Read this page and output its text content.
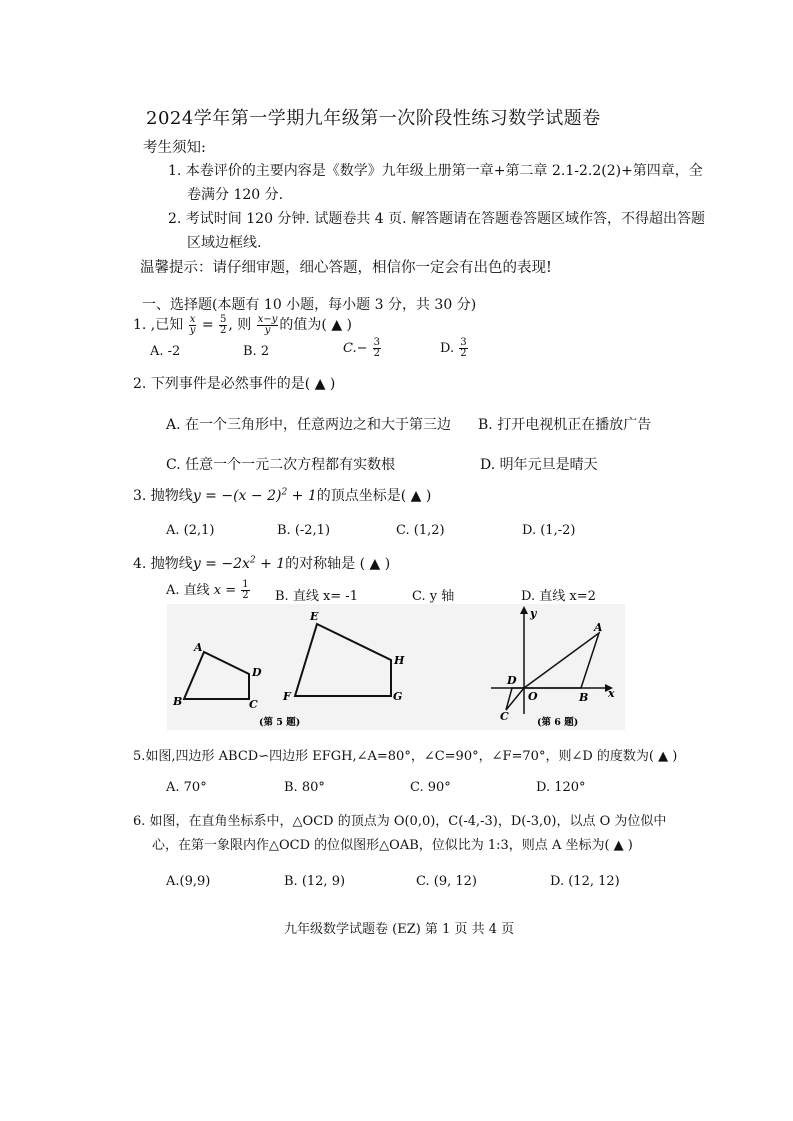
2024学年第一学期九年级第一次阶段性练习数学试题卷
考生须知:
1. 本卷评价的主要内容是《数学》九年级上册第一章+第二章 2.1-2.2(2)+第四章，全
卷满分 120 分.
2. 考试时间 120 分钟. 试题卷共 4 页. 解答题请在答题卷答题区域作答，不得超出答题
区域边框线.
温馨提示：请仔细审题，细心答题，相信你一定会有出色的表现!
一、选择题(本题有 10 小题，每小题 3 分，共 30 分)
1. ,已知 $\frac{x}{y} = \frac{5}{2}$ , 则 $\frac{x-y}{y}$ 的值为( ▲ )
A. -2	B. 2	$C.- \frac{3}{2}$	D. $\frac{3}{2}$
2. 下列事件是必然事件的是( ▲ )
A. 在一个三角形中，任意两边之和大于第三边 B. 打开电视机正在播放广告
C. 任意一个一元二次方程都有实数根	D. 明年元旦是晴天
3. 抛物线$y = -(x - 2)^2 + 1$的顶点坐标是( ▲ )
A. (2,1)	B. (-2,1)	C. (1,2)	D. (1,-2)
4. 抛物线$y = -2x^2 + 1$的对称轴是 ( ▲ )
A. 直线 $x = \frac{1}{2} B$. 直线 x= -1	C. y 轴	D. 直线 x=2
A
B	C
D
E
F	G
H
(第 5 题)
y
x
A
B
C
D
O
(第 6 题)
5.如图,四边形 ABCD∽四边形 EFGH,∠A=80°，∠C=90°，∠F=70°，则∠D 的度数为( ▲ )
A. 70°	B. 80°	C. 90°	D. 120°
6. 如图，在直角坐标系中，△OCD 的顶点为 O(0,0)，C(-4,-3)，D(-3,0)，以点 O 为位似中
心，在第一象限内作△OCD 的位似图形△OAB，位似比为 1:3，则点 A 坐标为( ▲ )
A.(9,9)	B. (12, 9)	C. (9, 12)	D. (12, 12)
九年级数学试题卷 (EZ) 第 1 页 共 4 页
